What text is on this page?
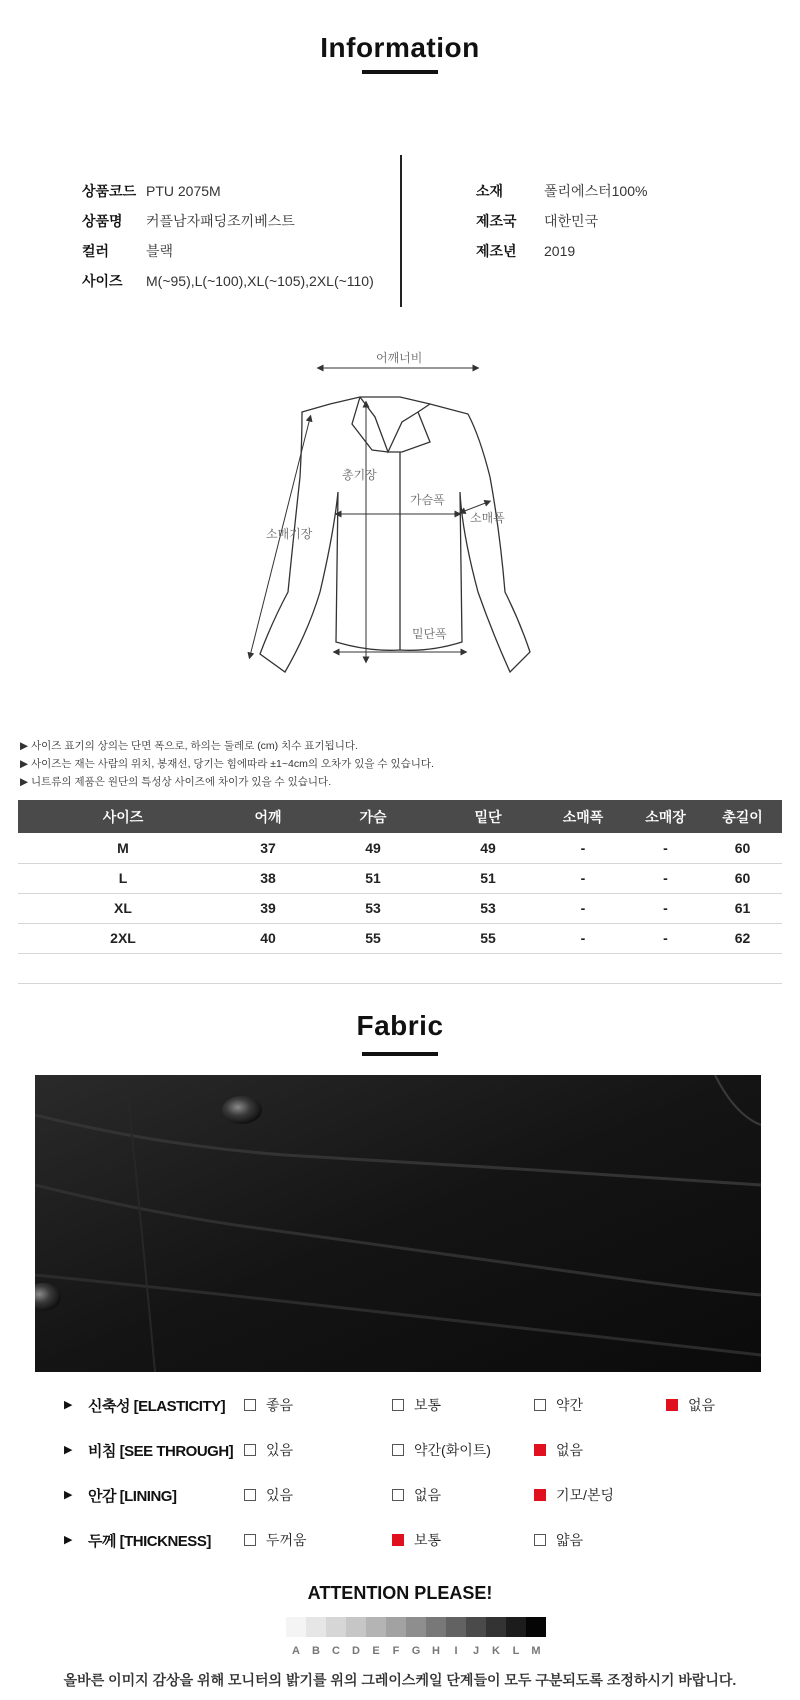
Information
상품코드 PTU 2075M
상품명	커플남자패딩조끼베스트
컬러	블랙
사이즈	M(~95),L(~100),XL(~105),2XL(~110)
소재	폴리에스터100%
제조국	대한민국
제조년	2019
어깨너비
총기장
가슴폭
소매폭
소매기장
밑단폭
▶ 사이즈 표기의 상의는 단면 폭으로, 하의는 둘레로 (cm) 치수 표기됩니다.
▶ 사이즈는 재는 사람의 위치, 봉재선, 당기는 힘에따라 ±1~4cm의 오차가 있을 수 있습니다.
▶ 니트류의 제품은 원단의 특성상 사이즈에 차이가 있을 수 있습니다.
사이즈	어깨	가슴	밑단	소매폭	소매장	총길이
M	37	49	49	-	-	60
L	38	51	51	-	-	60
XL	39	53	53	-	-	61
2XL	40	55	55	-	-	62

Fabric
▶ 신축성 [ELASTICITY]	좋음	보통	약간	없음
▶ 비침 [SEE THROUGH] 있음	약간(화이트)	없음
▶ 안감 [LINING]	있음	없음	기모/본딩
▶ 두께 [THICKNESS]	두꺼움	보통	얇음
ATTENTION PLEASE!
A	B	C	D	E	F	G	H	I	J	K	L	M
올바른 이미지 감상을 위해 모니터의 밝기를 위의 그레이스케일 단계들이 모두 구분되도록 조정하시기 바랍니다.
